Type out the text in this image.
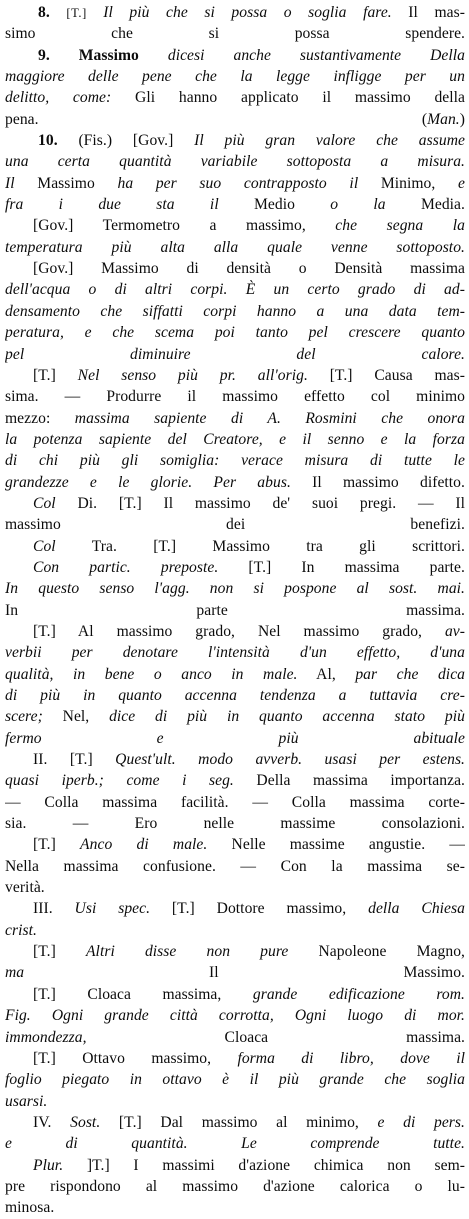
8. [T.] Il più che si possa o soglia fare. Il mas-
simo che si possa spendere.
9. Massimo dicesi anche sustantivamente Della
maggiore delle pene che la legge infligge per un
delitto, come: Gli hanno applicato il massimo della
pena. (Man.)
10. (Fis.) [Gov.] Il più gran valore che assume
una certa quantità variabile sottoposta a misura.
Il Massimo ha per suo contrapposto il Minimo, e
fra i due sta il Medio o la Media.
[Gov.] Termometro a massimo, che segna la
temperatura più alta alla quale venne sottoposto.
[Gov.] Massimo di densità o Densità massima
dell'acqua o di altri corpi. È un certo grado di ad-
densamento che siffatti corpi hanno a una data tem-
peratura, e che scema poi tanto pel crescere quanto
pel diminuire del calore.
[T.] Nel senso più pr. all'orig. [T.] Causa mas-
sima. — Produrre il massimo effetto col minimo
mezzo: massima sapiente di A. Rosmini che onora
la potenza sapiente del Creatore, e il senno e la forza
di chi più gli somiglia: verace misura di tutte le
grandezze e le glorie. Per abus. Il massimo difetto.
Col Di. [T.] Il massimo de' suoi pregi. — Il
massimo dei benefizi.
Col Tra. [T.] Massimo tra gli scrittori.
Con partic. preposte. [T.] In massima parte.
In questo senso l'agg. non si pospone al sost. mai.
In parte massima.
[T.] Al massimo grado, Nel massimo grado, av-
verbii per denotare l'intensità d'un effetto, d'una
qualità, in bene o anco in male. Al, par che dica
di più in quanto accenna tendenza a tuttavia cre-
scere; Nel, dice di più in quanto accenna stato più
fermo e più abituale
II. [T.] Quest'ult. modo avverb. usasi per estens.
quasi iperb.; come i seg. Della massima importanza.
— Colla massima facilità. — Colla massima corte-
sia. — Ero nelle massime consolazioni.
[T.] Anco di male. Nelle massime angustie. —
Nella massima confusione. — Con la massima se-
verità.
III. Usi spec. [T.] Dottore massimo, della Chiesa
crist.
[T.] Altri disse non pure Napoleone Magno,
ma Il Massimo.
[T.] Cloaca massima, grande edificazione rom.
Fig. Ogni grande città corrotta, Ogni luogo di mor.
immondezza, Cloaca massima.
[T.] Ottavo massimo, forma di libro, dove il
foglio piegato in ottavo è il più grande che soglia
usarsi.
IV. Sost. [T.] Dal massimo al minimo, e di pers.
e di quantità. Le comprende tutte.
Plur. ]T.] I massimi d'azione chimica non sem-
pre rispondono al massimo d'azione calorica o lu-
minosa.
